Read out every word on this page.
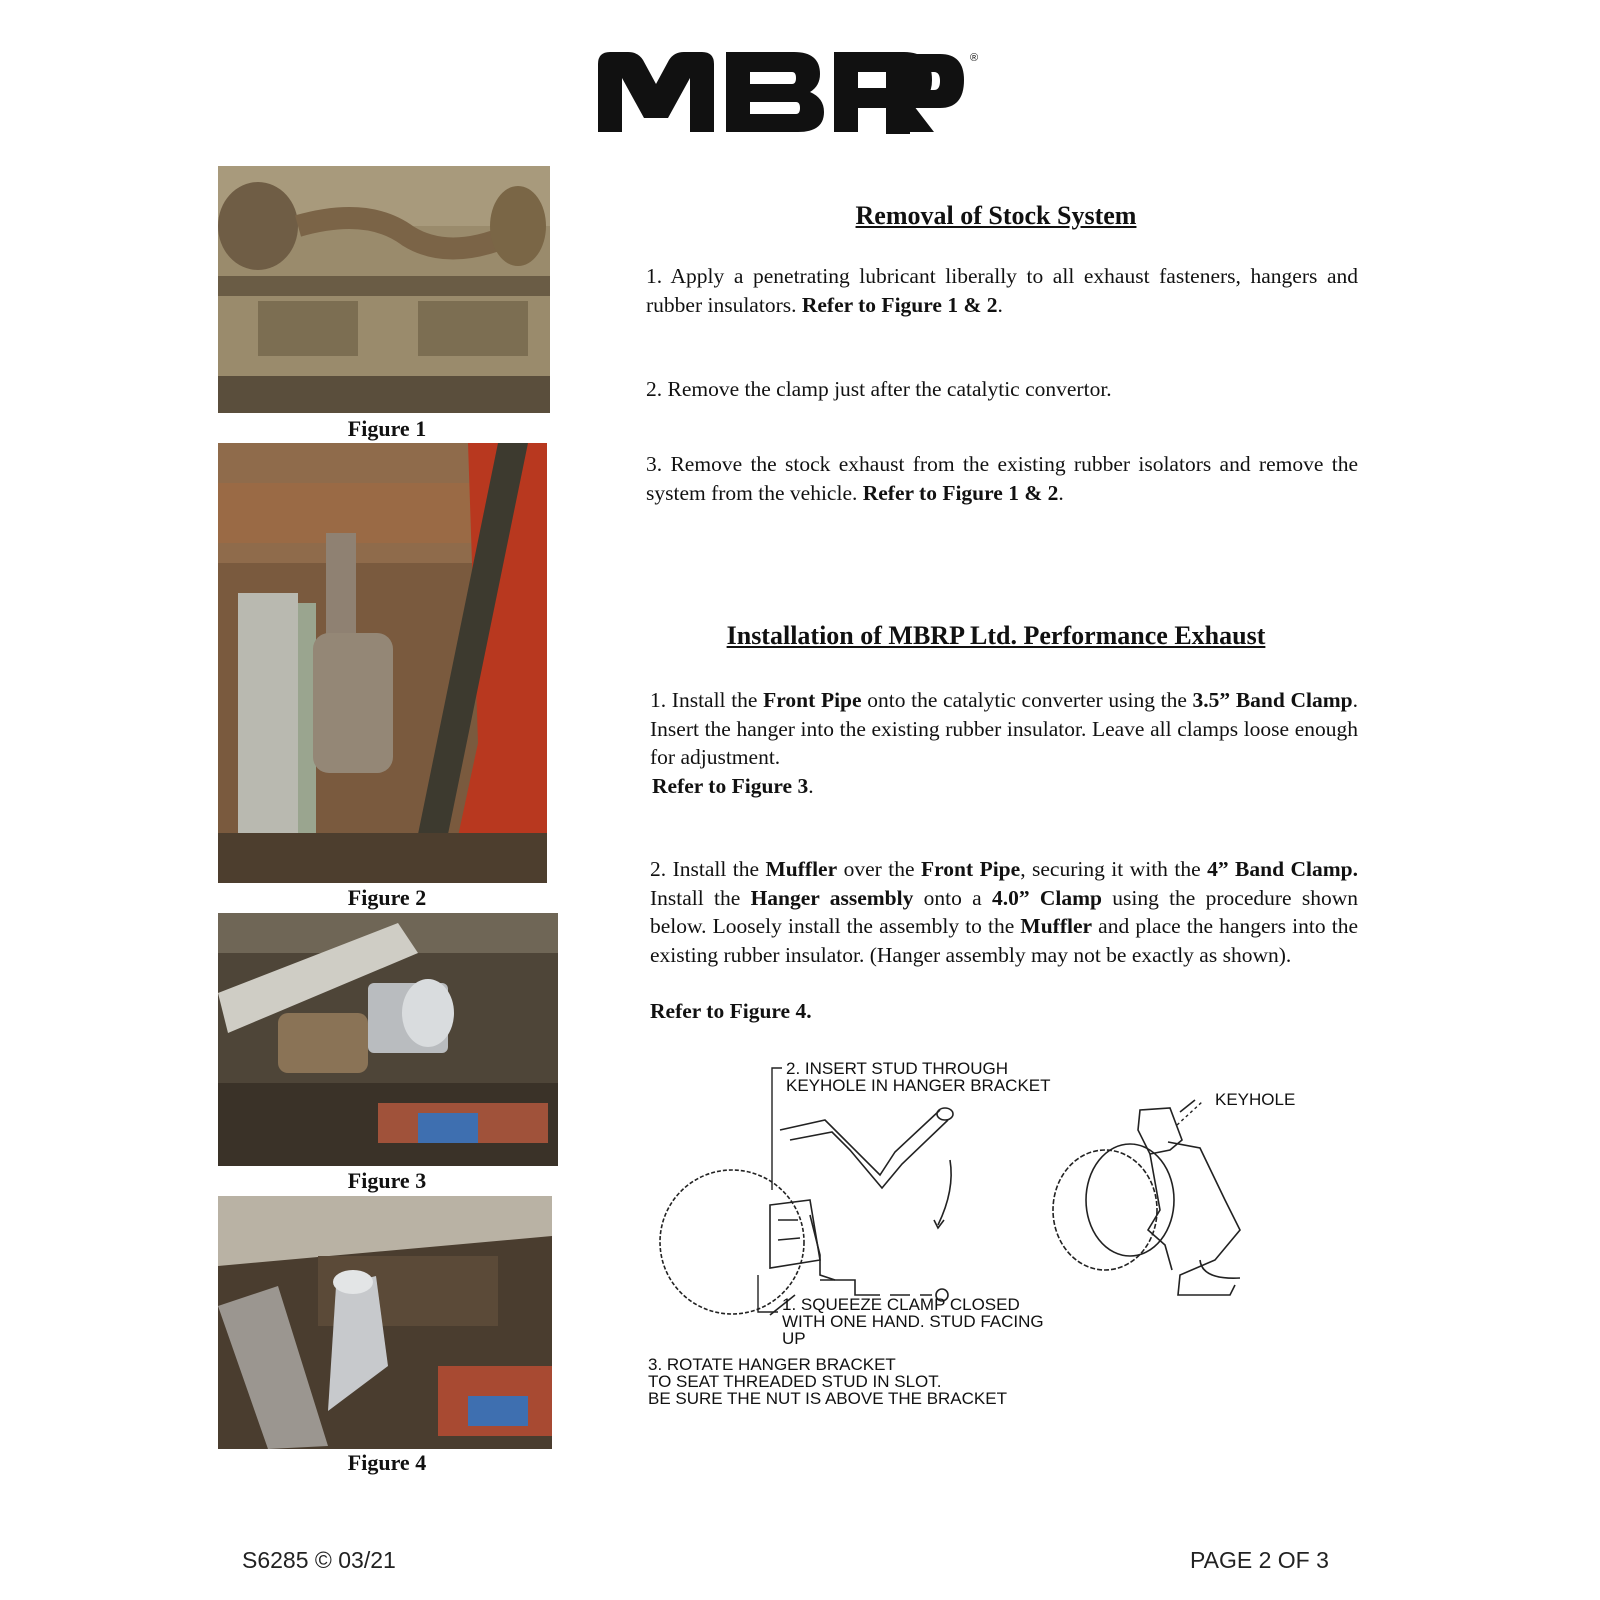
®
Figure 1
Figure 2
Figure 3
Figure 4
Removal of Stock System
1. Apply a penetrating lubricant liberally to all exhaust fasteners, hangers and rubber insulators. Refer to Figure 1 & 2.
2. Remove the clamp just after the catalytic convertor.
3. Remove the stock exhaust from the existing rubber isolators and remove the system from the vehicle. Refer to Figure 1 & 2.
Installation of MBRP Ltd. Performance Exhaust
1. Install the Front Pipe onto the catalytic converter using the 3.5” Band Clamp. Insert the hanger into the existing rubber insulator. Leave all clamps loose enough for adjustment.
Refer to Figure 3.
2. Install the Muffler over the Front Pipe, securing it with the 4” Band Clamp. Install the Hanger assembly onto a 4.0” Clamp using the procedure shown below. Loosely install the assembly to the Muffler and place the hangers into the existing rubber insulator. (Hanger assembly may not be exactly as shown).
Refer to Figure 4.
2. INSERT STUD THROUGH
KEYHOLE IN HANGER BRACKET
1. SQUEEZE CLAMP CLOSED
WITH ONE HAND. STUD FACING
UP
3. ROTATE HANGER BRACKET
TO SEAT THREADED STUD IN SLOT.
BE SURE THE NUT IS ABOVE THE BRACKET
KEYHOLE
S6285 © 03/21	PAGE 2 OF 3
